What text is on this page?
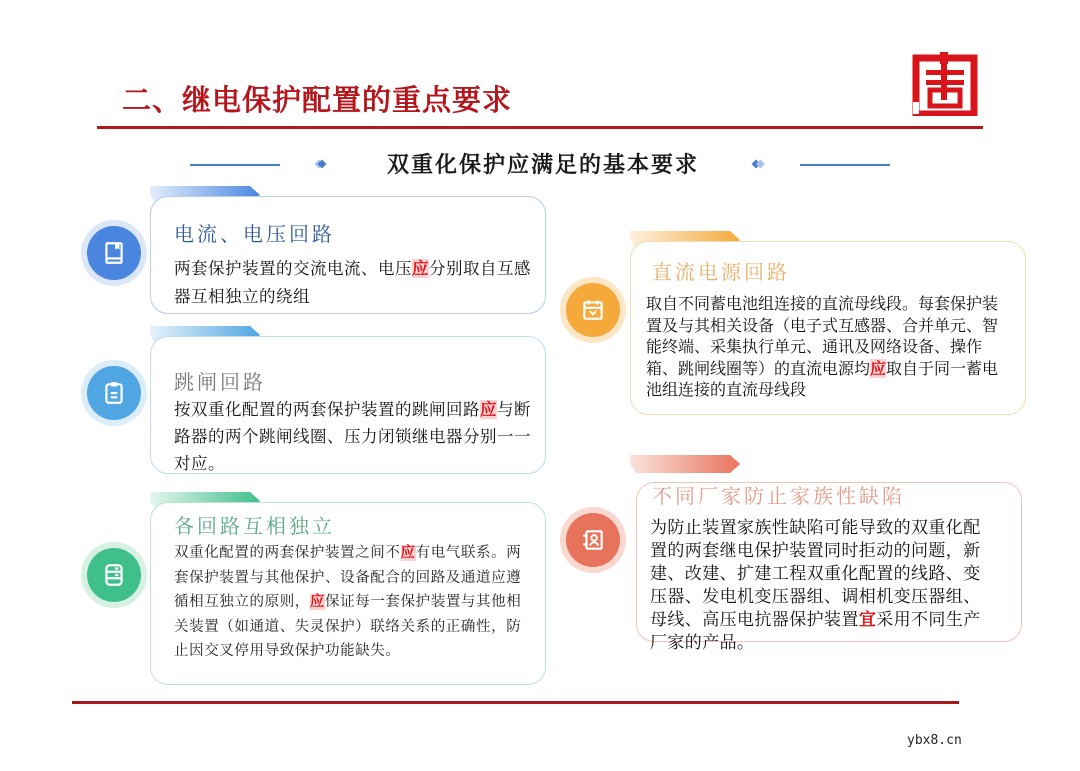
二、继电保护配置的重点要求
双重化保护应满足的基本要求
电流、电压回路
两套保护装置的交流电流、电压应分别取自互感器互相独立的绕组
跳闸回路
按双重化配置的两套保护装置的跳闸回路应与断路器的两个跳闸线圈、压力闭锁继电器分别一一对应。
各回路互相独立
双重化配置的两套保护装置之间不应有电气联系。两套保护装置与其他保护、设备配合的回路及通道应遵循相互独立的原则，应保证每一套保护装置与其他相关装置（如通道、失灵保护）联络关系的正确性，防止因交叉停用导致保护功能缺失。
直流电源回路
取自不同蓄电池组连接的直流母线段。每套保护装置及与其相关设备（电子式互感器、合并单元、智能终端、采集执行单元、通讯及网络设备、操作箱、跳闸线圈等）的直流电源均应取自于同一蓄电池组连接的直流母线段
不同厂家防止家族性缺陷
为防止装置家族性缺陷可能导致的双重化配置的两套继电保护装置同时拒动的问题，新建、改建、扩建工程双重化配置的线路、变压器、发电机变压器组、调相机变压器组、母线、高压电抗器保护装置宜采用不同生产厂家的产品。
ybx8.cn
